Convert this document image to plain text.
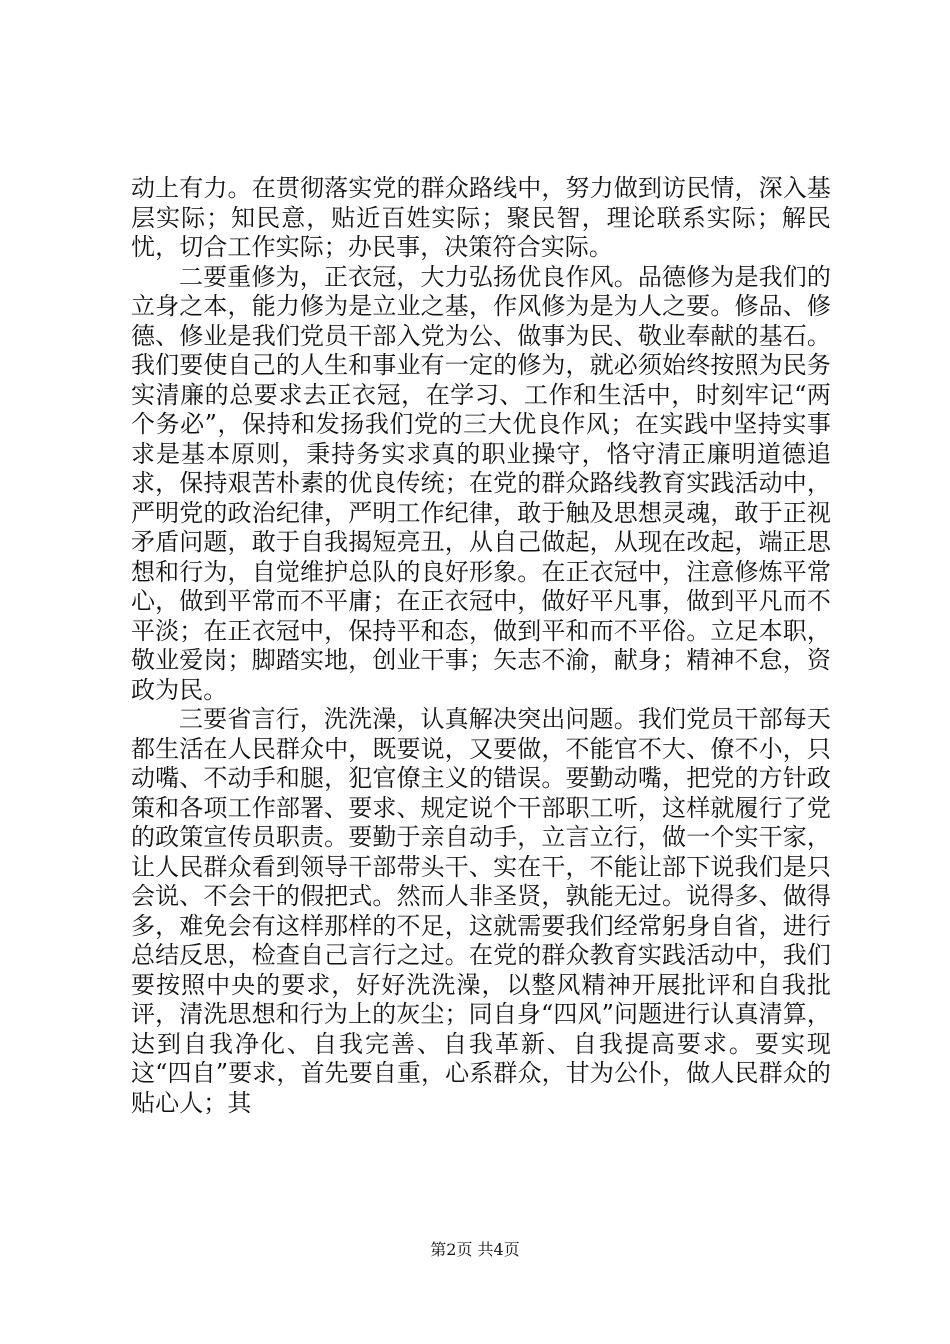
动上有力。在贯彻落实党的群众路线中，努力做到访民情，深入基层实际；知民意，贴近百姓实际；聚民智，理论联系实际；解民忧，切合工作实际；办民事，决策符合实际。

二要重修为，正衣冠，大力弘扬优良作风。品德修为是我们的立身之本，能力修为是立业之基，作风修为是为人之要。修品、修德、修业是我们党员干部入党为公、做事为民、敬业奉献的基石。我们要使自己的人生和事业有一定的修为，就必须始终按照为民务实清廉的总要求去正衣冠，在学习、工作和生活中，时刻牢记“两个务必”，保持和发扬我们党的三大优良作风；在实践中坚持实事求是基本原则，秉持务实求真的职业操守，恪守清正廉明道德追求，保持艰苦朴素的优良传统；在党的群众路线教育实践活动中，严明党的政治纪律，严明工作纪律，敢于触及思想灵魂，敢于正视矛盾问题，敢于自我揭短亮丑，从自己做起，从现在改起，端正思想和行为，自觉维护总队的良好形象。在正衣冠中，注意修炼平常心，做到平常而不平庸；在正衣冠中，做好平凡事，做到平凡而不平淡；在正衣冠中，保持平和态，做到平和而不平俗。立足本职，敬业爱岗；脚踏实地，创业干事；矢志不渝，献身；精神不怠，资政为民。

三要省言行，洗洗澡，认真解决突出问题。我们党员干部每天都生活在人民群众中，既要说，又要做，不能官不大、僚不小，只动嘴、不动手和腿，犯官僚主义的错误。要勤动嘴，把党的方针政策和各项工作部署、要求、规定说个干部职工听，这样就履行了党的政策宣传员职责。要勤于亲自动手，立言立行，做一个实干家，让人民群众看到领导干部带头干、实在干，不能让部下说我们是只会说、不会干的假把式。然而人非圣贤，孰能无过。说得多、做得多，难免会有这样那样的不足，这就需要我们经常躬身自省，进行总结反思，检查自己言行之过。在党的群众教育实践活动中，我们要按照中央的要求，好好洗洗澡，以整风精神开展批评和自我批评，清洗思想和行为上的灰尘；同自身“四风”问题进行认真清算，达到自我净化、自我完善、自我革新、自我提高要求。要实现这“四自”要求，首先要自重，心系群众，甘为公仆，做人民群众的贴心人；其

第2页 共4页
